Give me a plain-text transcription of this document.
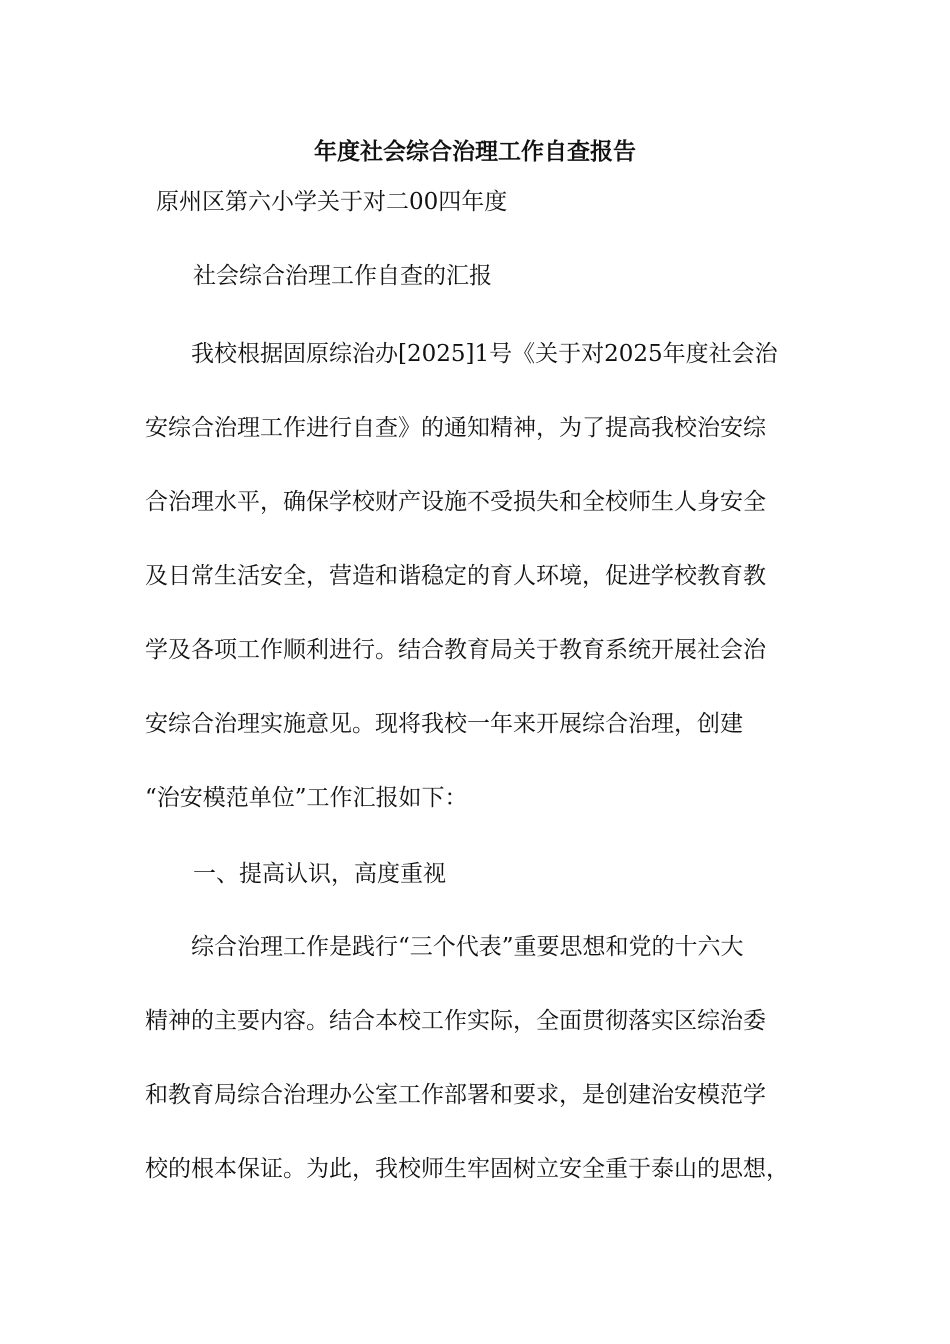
年度社会综合治理工作自查报告
原州区第六小学关于对二00四年度
社会综合治理工作自查的汇报
我校根据固原综治办[2025]1号《关于对2025年度社会治
安综合治理工作进行自查》的通知精神，为了提高我校治安综
合治理水平，确保学校财产设施不受损失和全校师生人身安全
及日常生活安全，营造和谐稳定的育人环境，促进学校教育教
学及各项工作顺利进行。结合教育局关于教育系统开展社会治
安综合治理实施意见。现将我校一年来开展综合治理，创建
“治安模范单位”工作汇报如下：
一、提高认识，高度重视
综合治理工作是践行“三个代表”重要思想和党的十六大
精神的主要内容。结合本校工作实际，全面贯彻落实区综治委
和教育局综合治理办公室工作部署和要求，是创建治安模范学
校的根本保证。为此，我校师生牢固树立安全重于泰山的思想，
